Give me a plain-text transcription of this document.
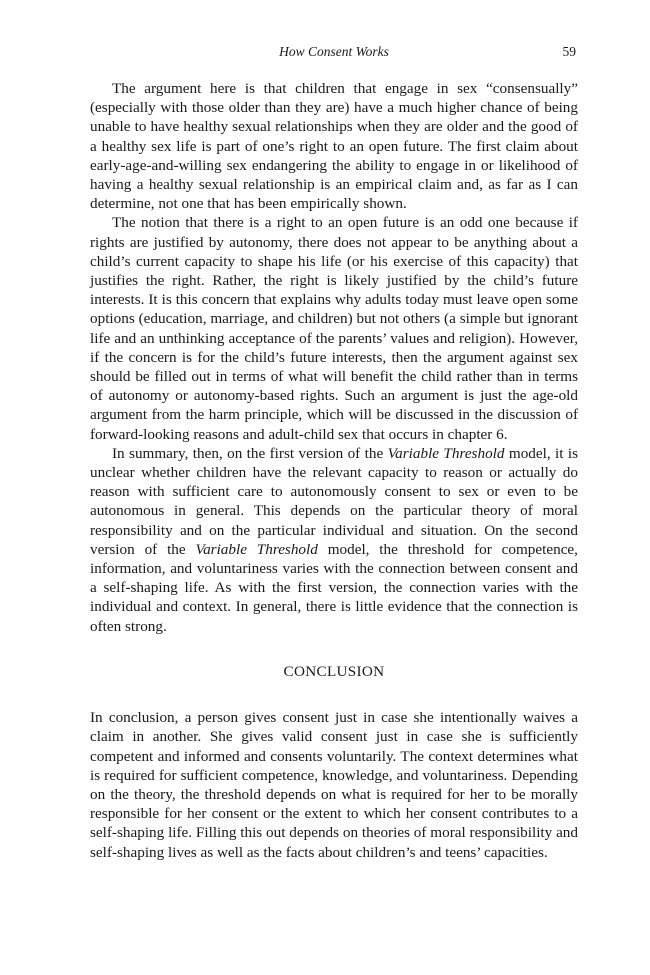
How Consent Works	59

The argument here is that children that engage in sex “consensually” (especially with those older than they are) have a much higher chance of being unable to have healthy sexual relationships when they are older and the good of a healthy sex life is part of one’s right to an open future. The first claim about early-age-and-willing sex endangering the ability to engage in or likelihood of having a healthy sexual relationship is an empirical claim and, as far as I can determine, not one that has been empirically shown.

The notion that there is a right to an open future is an odd one because if rights are justified by autonomy, there does not appear to be anything about a child’s current capacity to shape his life (or his exercise of this capacity) that justifies the right. Rather, the right is likely justified by the child’s future interests. It is this concern that explains why adults today must leave open some options (education, marriage, and children) but not others (a simple but ignorant life and an unthinking acceptance of the parents’ values and religion). However, if the concern is for the child’s future interests, then the argument against sex should be filled out in terms of what will benefit the child rather than in terms of autonomy or autonomy-based rights. Such an argument is just the age-old argument from the harm principle, which will be discussed in the discussion of forward-looking reasons and adult-child sex that occurs in chapter 6.

In summary, then, on the first version of the Variable Threshold model, it is unclear whether children have the relevant capacity to reason or actually do reason with sufficient care to autonomously consent to sex or even to be autonomous in general. This depends on the particular theory of moral responsibility and on the particular individual and situation. On the second version of the Variable Threshold model, the threshold for competence, information, and voluntariness varies with the connection between consent and a self-shaping life. As with the first version, the connection varies with the individual and context. In general, there is little evidence that the connection is often strong.

CONCLUSION

In conclusion, a person gives consent just in case she intentionally waives a claim in another. She gives valid consent just in case she is sufficiently competent and informed and consents voluntarily. The context determines what is required for sufficient competence, knowledge, and voluntariness. Depending on the theory, the threshold depends on what is required for her to be morally responsible for her consent or the extent to which her consent contributes to a self-shaping life. Filling this out depends on theories of moral responsibility and self-shaping lives as well as the facts about children’s and teens’ capacities.
